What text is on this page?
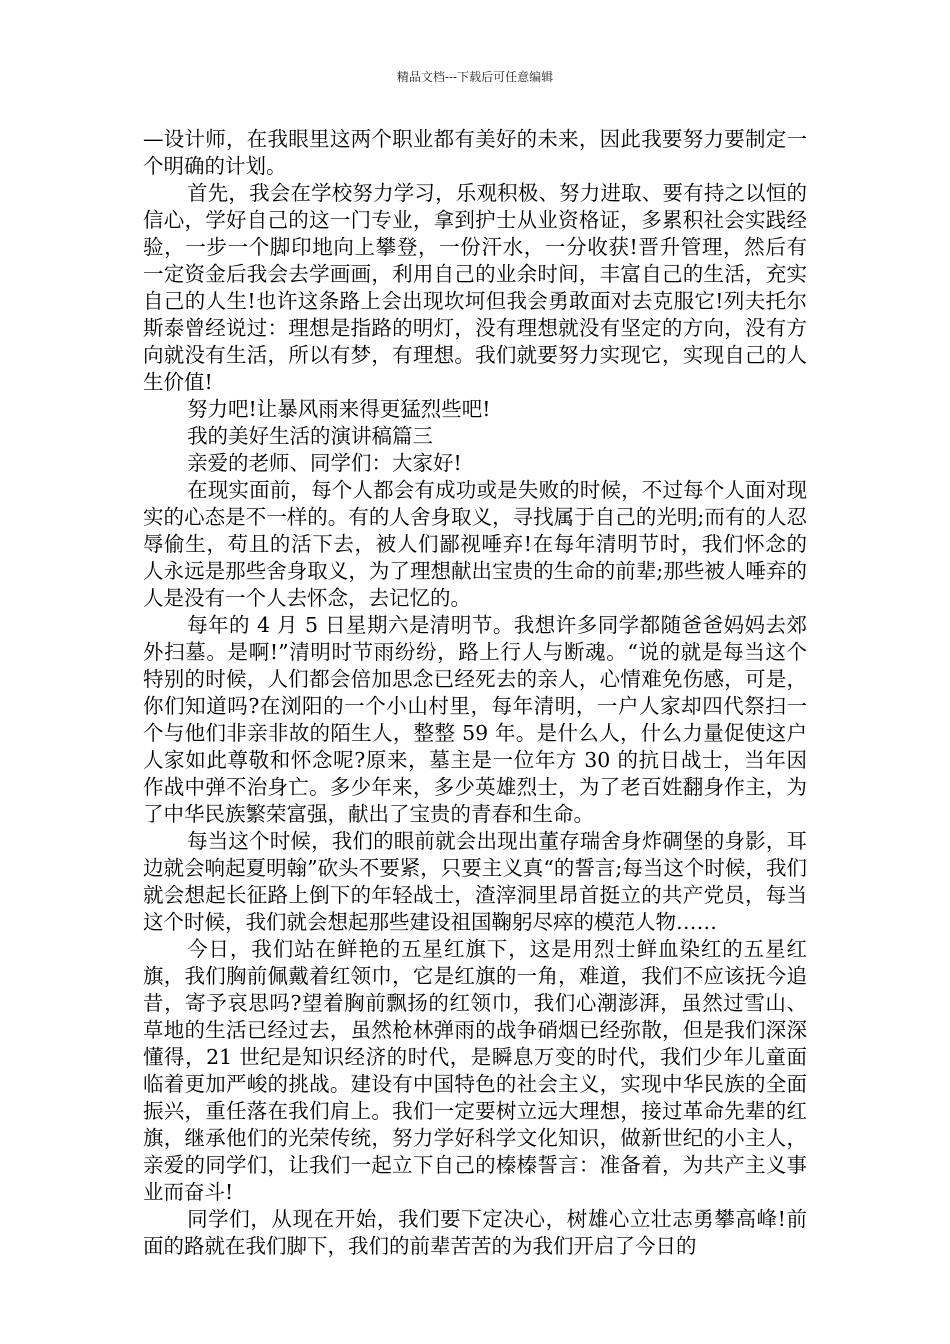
精品文档---下载后可任意编辑

—设计师，在我眼里这两个职业都有美好的未来，因此我要努力要制定一个明确的计划。

首先，我会在学校努力学习，乐观积极、努力进取、要有持之以恒的信心，学好自己的这一门专业，拿到护士从业资格证，多累积社会实践经验，一步一个脚印地向上攀登，一份汗水，一分收获!晋升管理，然后有一定资金后我会去学画画，利用自己的业余时间，丰富自己的生活，充实自己的人生!也许这条路上会出现坎坷但我会勇敢面对去克服它!列夫托尔斯泰曾经说过：理想是指路的明灯，没有理想就没有坚定的方向，没有方向就没有生活，所以有梦，有理想。我们就要努力实现它，实现自己的人生价值!

努力吧!让暴风雨来得更猛烈些吧!

我的美好生活的演讲稿篇三

亲爱的老师、同学们：大家好!

在现实面前，每个人都会有成功或是失败的时候，不过每个人面对现实的心态是不一样的。有的人舍身取义，寻找属于自己的光明;而有的人忍辱偷生，苟且的活下去，被人们鄙视唾弃!在每年清明节时，我们怀念的人永远是那些舍身取义，为了理想献出宝贵的生命的前辈;那些被人唾弃的人是没有一个人去怀念，去记忆的。

每年的 4 月 5 日星期六是清明节。我想许多同学都随爸爸妈妈去郊外扫墓。是啊!”清明时节雨纷纷，路上行人与断魂。“说的就是每当这个特别的时候，人们都会倍加思念已经死去的亲人，心情难免伤感，可是，你们知道吗?在浏阳的一个小山村里，每年清明，一户人家却四代祭扫一个与他们非亲非故的陌生人，整整 59 年。是什么人，什么力量促使这户人家如此尊敬和怀念呢?原来，墓主是一位年方 30 的抗日战士，当年因作战中弹不治身亡。多少年来，多少英雄烈士，为了老百姓翻身作主，为了中华民族繁荣富强，献出了宝贵的青春和生命。

每当这个时候，我们的眼前就会出现出董存瑞舍身炸碉堡的身影，耳边就会响起夏明翰”砍头不要紧，只要主义真“的誓言;每当这个时候，我们就会想起长征路上倒下的年轻战士，渣滓洞里昂首挺立的共产党员，每当这个时候，我们就会想起那些建设祖国鞠躬尽瘁的模范人物……

今日，我们站在鲜艳的五星红旗下，这是用烈士鲜血染红的五星红旗，我们胸前佩戴着红领巾，它是红旗的一角，难道，我们不应该抚今追昔，寄予哀思吗?望着胸前飘扬的红领巾，我们心潮澎湃，虽然过雪山、草地的生活已经过去，虽然枪林弹雨的战争硝烟已经弥散，但是我们深深懂得，21 世纪是知识经济的时代，是瞬息万变的时代，我们少年儿童面临着更加严峻的挑战。建设有中国特色的社会主义，实现中华民族的全面振兴，重任落在我们肩上。我们一定要树立远大理想，接过革命先辈的红旗，继承他们的光荣传统，努力学好科学文化知识，做新世纪的小主人，亲爱的同学们，让我们一起立下自己的榛榛誓言：准备着，为共产主义事业而奋斗!

同学们，从现在开始，我们要下定决心，树雄心立壮志勇攀高峰!前面的路就在我们脚下，我们的前辈苦苦的为我们开启了今日的
